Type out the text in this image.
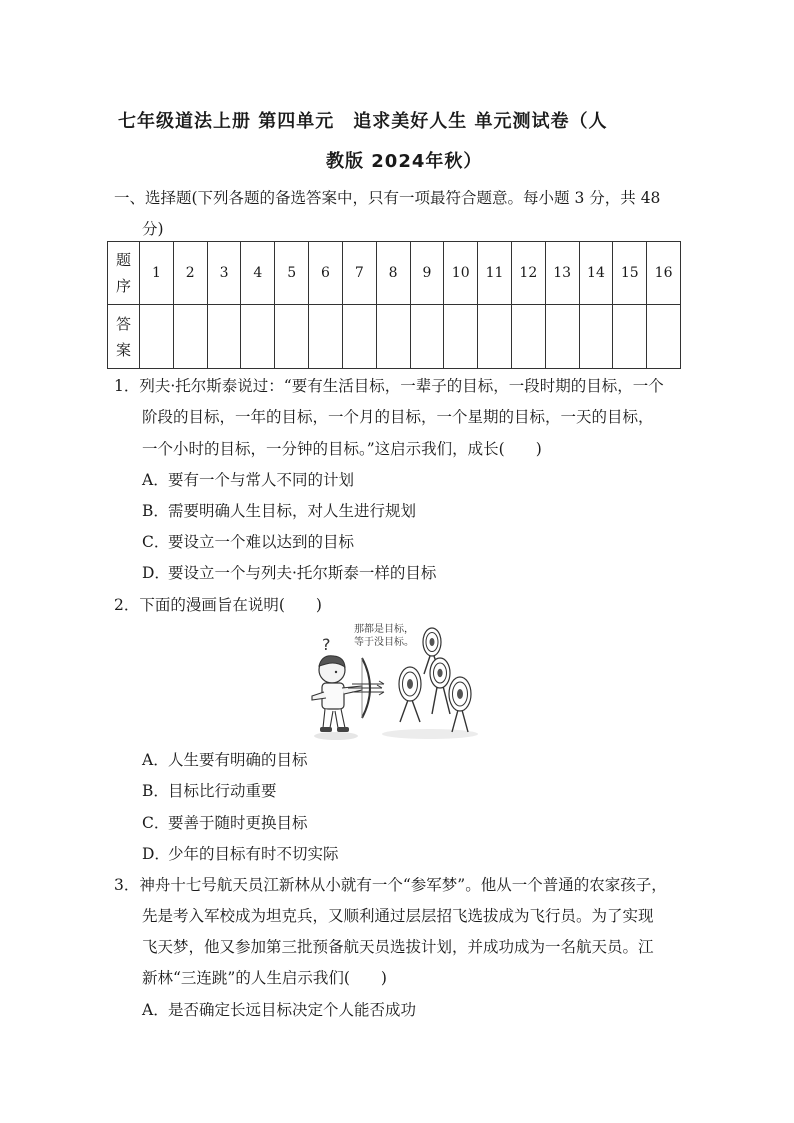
七年级道法上册 第四单元　追求美好人生 单元测试卷（人
教版 2024年秋）
一、选择题(下列各题的备选答案中，只有一项最符合题意。每小题 3 分，共 48
分)
题
序	1	2	3	4	5	6	7	8	9	10	11	12	13	14	15	16
答
案																
1．列夫·托尔斯泰说过：“要有生活目标，一辈子的目标，一段时期的目标，一个
阶段的目标，一年的目标，一个月的目标，一个星期的目标，一天的目标，
一个小时的目标，一分钟的目标。”这启示我们，成长(　　)
A．要有一个与常人不同的计划
B．需要明确人生目标，对人生进行规划
C．要设立一个难以达到的目标
D．要设立一个与列夫·托尔斯泰一样的目标
2．下面的漫画旨在说明(　　)
那都是目标，
等于没目标。
?
A．人生要有明确的目标
B．目标比行动重要
C．要善于随时更换目标
D．少年的目标有时不切实际
3．神舟十七号航天员江新林从小就有一个“参军梦”。他从一个普通的农家孩子，
先是考入军校成为坦克兵，又顺利通过层层招飞选拔成为飞行员。为了实现
飞天梦，他又参加第三批预备航天员选拔计划，并成功成为一名航天员。江
新林“三连跳”的人生启示我们(　　)
A．是否确定长远目标决定个人能否成功
